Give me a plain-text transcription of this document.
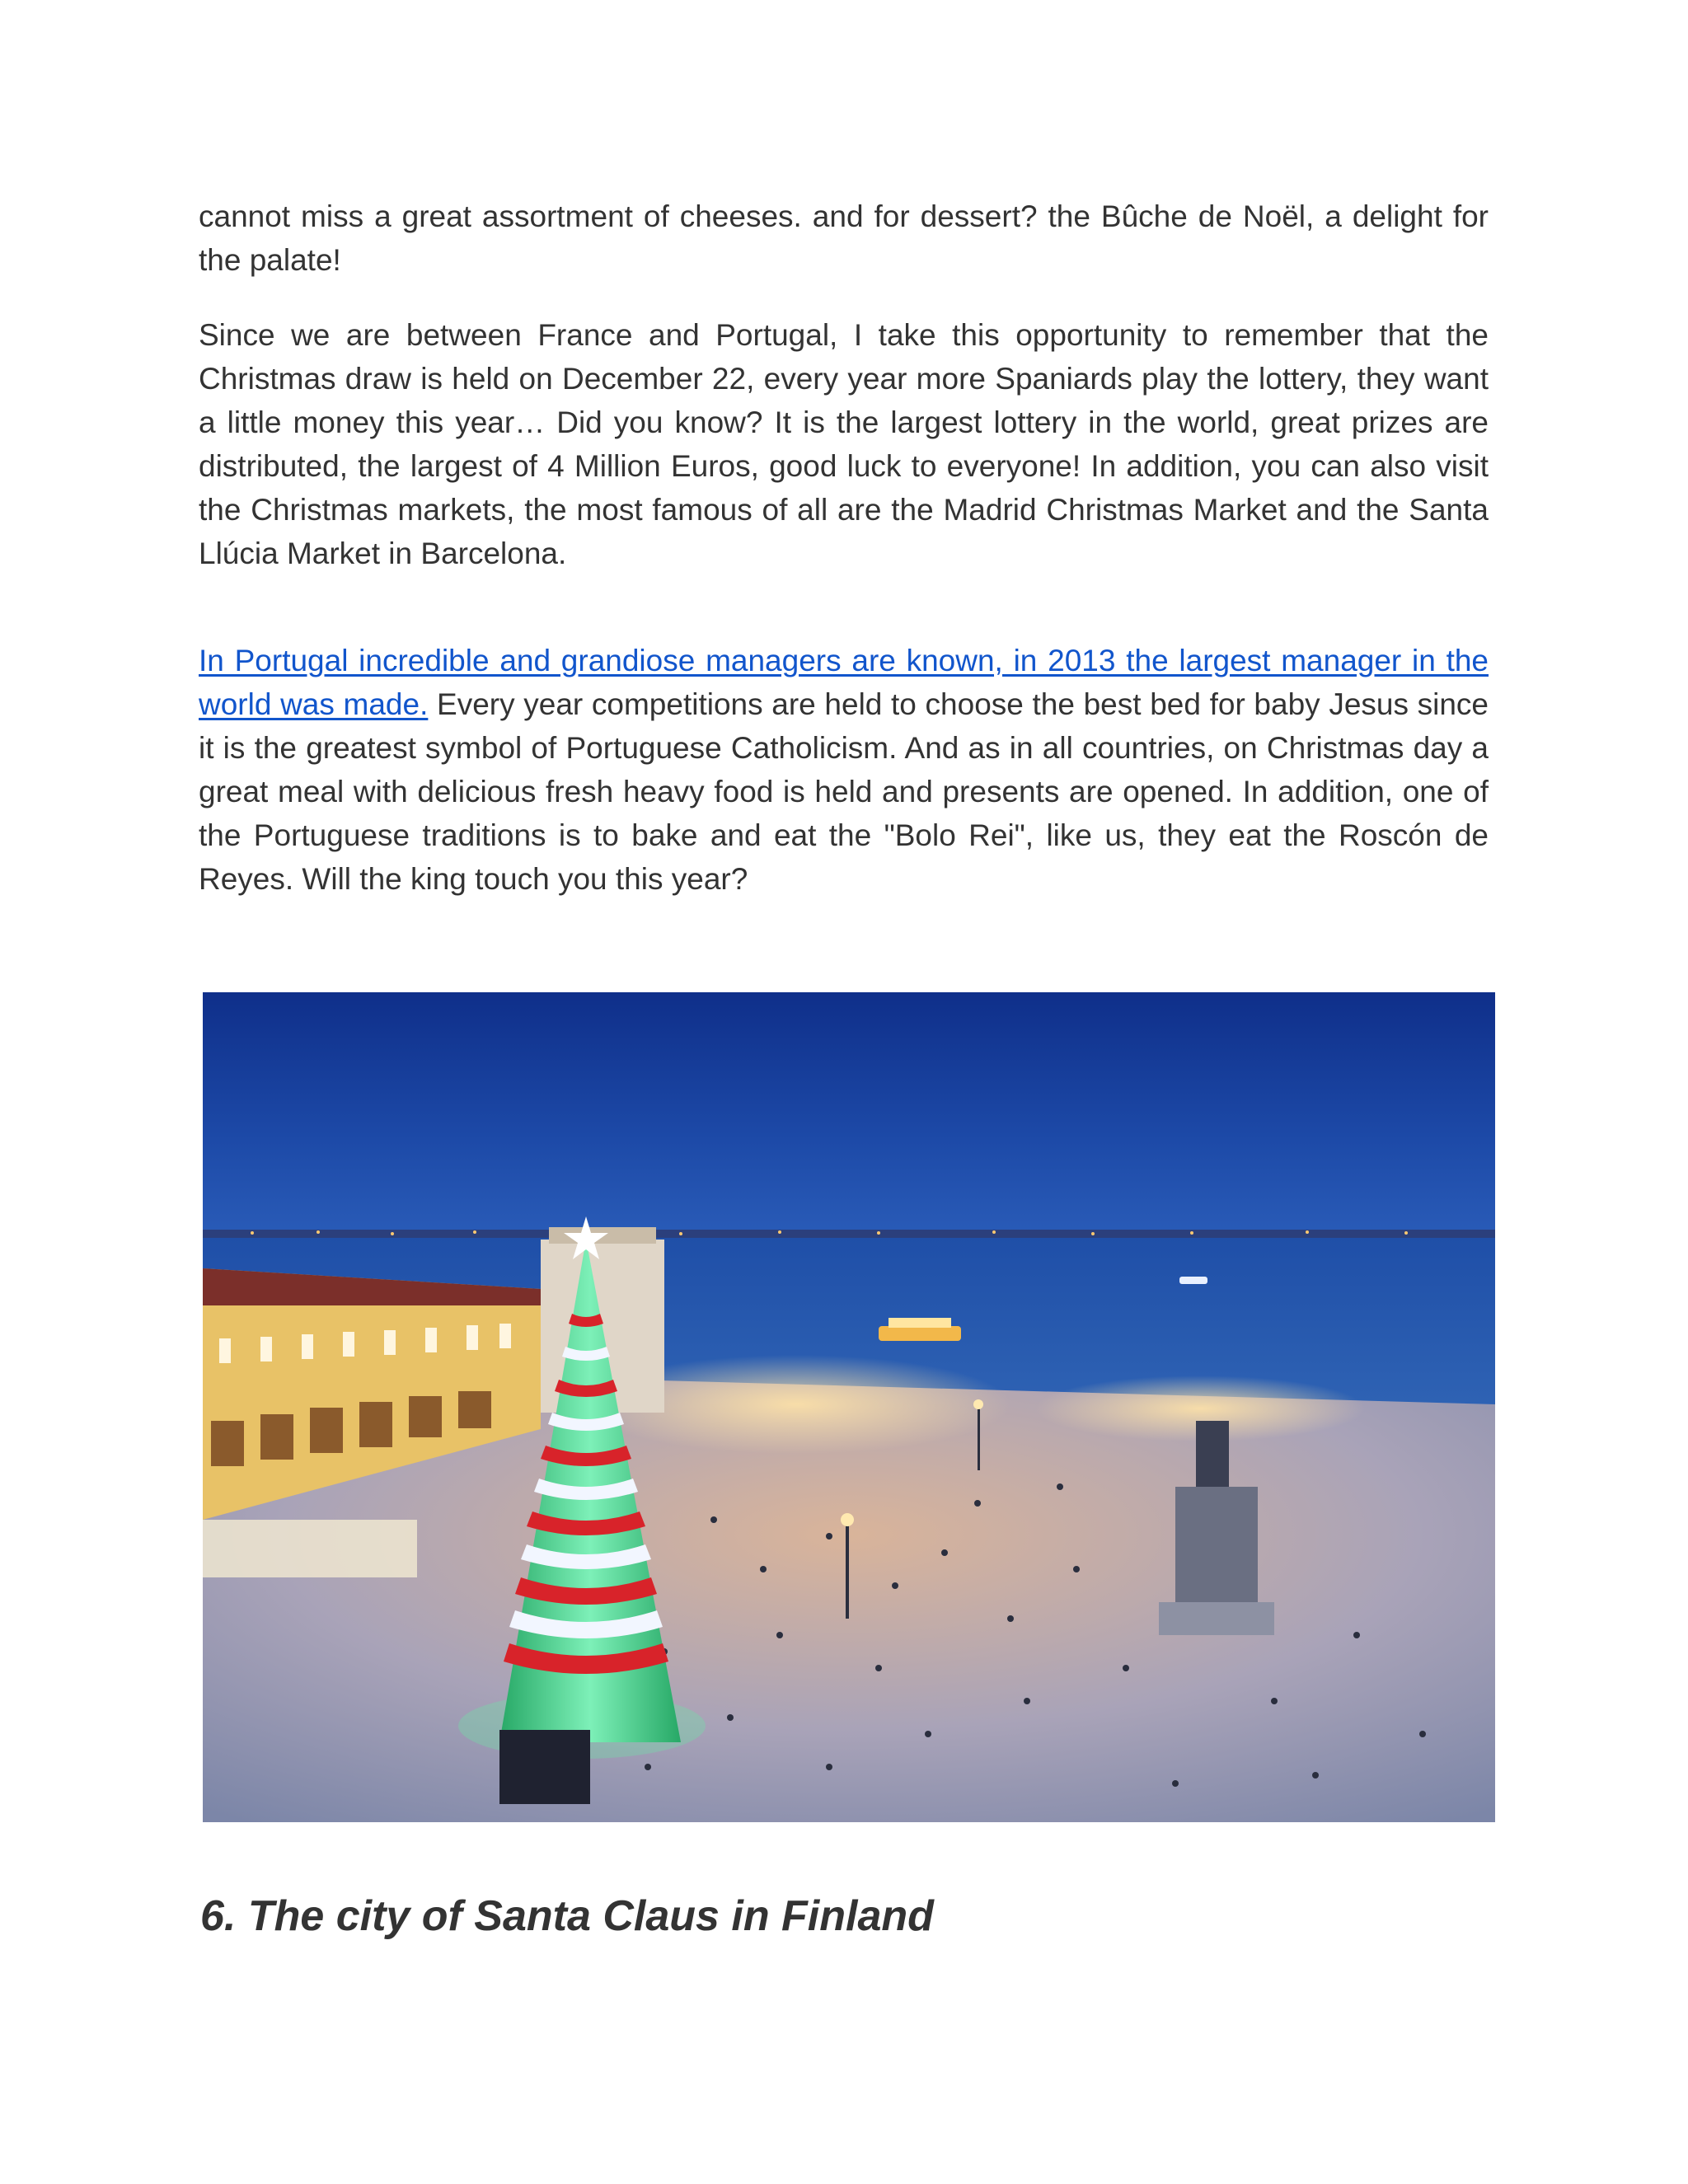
cannot miss a great assortment of cheeses. and for dessert? the Bûche de Noël, a delight for the palate!

Since we are between France and Portugal, I take this opportunity to remember that the Christmas draw is held on December 22, every year more Spaniards play the lottery, they want a little money this year… Did you know? It is the largest lottery in the world, great prizes are distributed, the largest of 4 Million Euros, good luck to everyone! In addition, you can also visit the Christmas markets, the most famous of all are the Madrid Christmas Market and the Santa Llúcia Market in Barcelona.

In Portugal incredible and grandiose managers are known, in 2013 the largest manager in the world was made. Every year competitions are held to choose the best bed for baby Jesus since it is the greatest symbol of Portuguese Catholicism. And as in all countries, on Christmas day a great meal with delicious fresh heavy food is held and presents are opened. In addition, one of the Portuguese traditions is to bake and eat the "Bolo Rei", like us, they eat the Roscón de Reyes. Will the king touch you this year?

6. The city of Santa Claus in Finland
